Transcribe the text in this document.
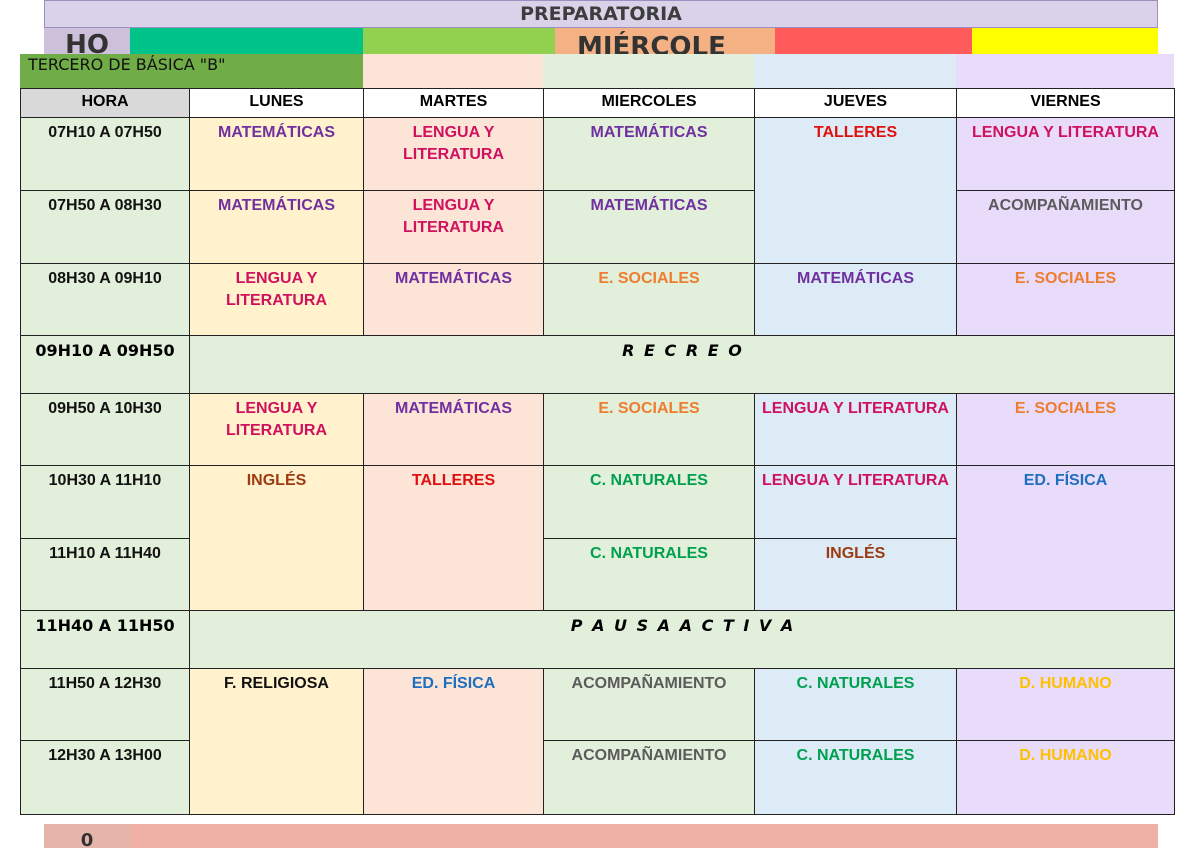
PREPARATORIA
HO	MIÉRCOLE
0
TERCERO DE BÁSICA "B"
HORA	LUNES	MARTES	MIERCOLES	JUEVES	VIERNES
07H10 A 07H50	MATEMÁTICAS	LENGUA Y LITERATURA	MATEMÁTICAS	TALLERES	LENGUA Y LITERATURA
07H50 A 08H30	MATEMÁTICAS	LENGUA Y LITERATURA	MATEMÁTICAS		ACOMPAÑAMIENTO
08H30 A 09H10	LENGUA Y LITERATURA	MATEMÁTICAS	E. SOCIALES	MATEMÁTICAS	E. SOCIALES
09H10 A 09H50	R E C R E O				
09H50 A 10H30	LENGUA Y LITERATURA	MATEMÁTICAS	E. SOCIALES	LENGUA Y LITERATURA	E. SOCIALES
10H30 A 11H10	INGLÉS	TALLERES	C. NATURALES	LENGUA Y LITERATURA	ED. FÍSICA
11H10 A 11H40			C. NATURALES	INGLÉS	
11H40 A 11H50	P A U S A A C T I V A				
11H50 A 12H30	F. RELIGIOSA	ED. FÍSICA	ACOMPAÑAMIENTO	C. NATURALES	D. HUMANO
12H30 A 13H00			ACOMPAÑAMIENTO	C. NATURALES	D. HUMANO
